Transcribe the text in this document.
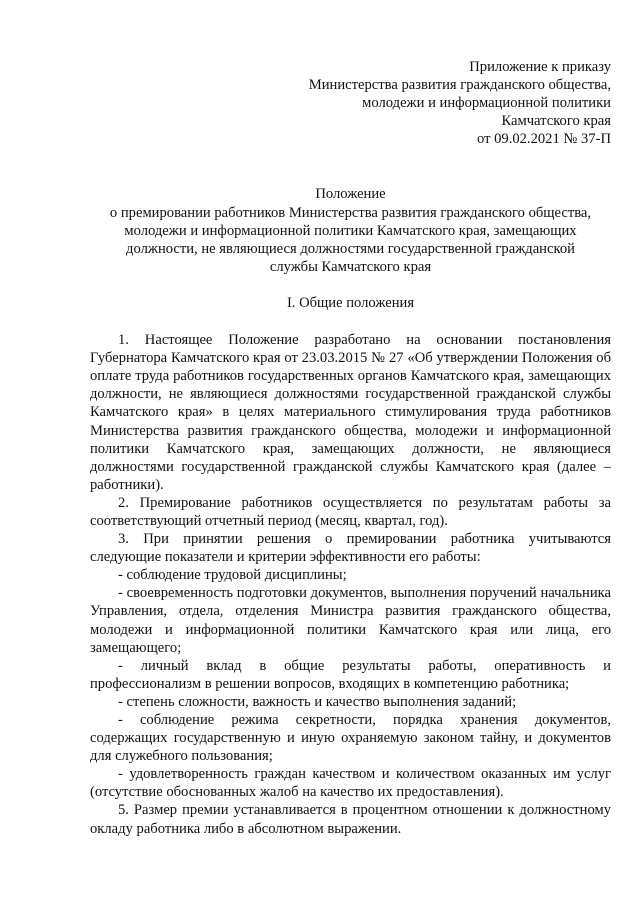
Приложение к приказу
Министерства развития гражданского общества,
молодежи и информационной политики
Камчатского края
от 09.02.2021 № 37-П
Положение
о премировании работников Министерства развития гражданского общества,
молодежи и информационной политики Камчатского края, замещающих
должности, не являющиеся должностями государственной гражданской
службы Камчатского края
I. Общие положения

1. Настоящее Положение разработано на основании постановления Губернатора Камчатского края от 23.03.2015 № 27 «Об утверждении Положения об оплате труда работников государственных органов Камчатского края, замещающих должности, не являющиеся должностями государственной гражданской службы Камчатского края» в целях материального стимулирования труда работников Министерства развития гражданского общества, молодежи и информационной политики Камчатского края, замещающих должности, не являющиеся должностями государственной гражданской службы Камчатского края (далее – работники).

2. Премирование работников осуществляется по результатам работы за соответствующий отчетный период (месяц, квартал, год).

3. При принятии решения о премировании работника учитываются следующие показатели и критерии эффективности его работы:

- соблюдение трудовой дисциплины;

- своевременность подготовки документов, выполнения поручений начальника Управления, отдела, отделения Министра развития гражданского общества, молодежи и информационной политики Камчатского края или лица, его замещающего;

- личный вклад в общие результаты работы, оперативность и профессионализм в решении вопросов, входящих в компетенцию работника;

- степень сложности, важность и качество выполнения заданий;

- соблюдение режима секретности, порядка хранения документов, содержащих государственную и иную охраняемую законом тайну, и документов для служебного пользования;

- удовлетворенность граждан качеством и количеством оказанных им услуг (отсутствие обоснованных жалоб на качество их предоставления).

5. Размер премии устанавливается в процентном отношении к должностному окладу работника либо в абсолютном выражении.
